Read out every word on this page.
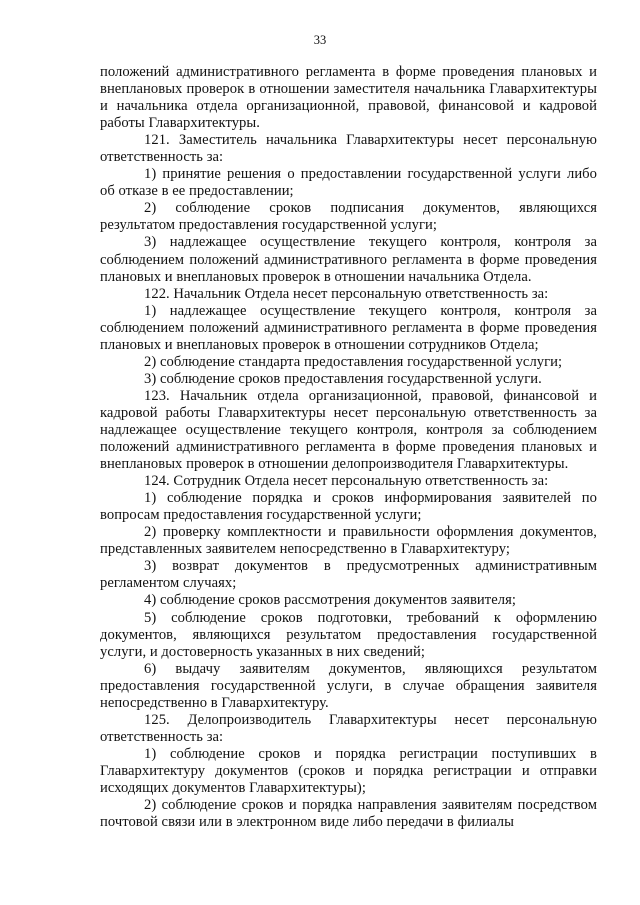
33

положений административного регламента в форме проведения плановых и внеплановых проверок в отношении заместителя начальника Главархитектуры и начальника отдела организационной, правовой, финансовой и кадровой работы Главархитектуры.

121. Заместитель начальника Главархитектуры несет персональную ответственность за:

1) принятие решения о предоставлении государственной услуги либо об отказе в ее предоставлении;

2) соблюдение сроков подписания документов, являющихся результатом предоставления государственной услуги;

3) надлежащее осуществление текущего контроля, контроля за соблюдением положений административного регламента в форме проведения плановых и внеплановых проверок в отношении начальника Отдела.

122. Начальник Отдела несет персональную ответственность за:

1) надлежащее осуществление текущего контроля, контроля за соблюдением положений административного регламента в форме проведения плановых и внеплановых проверок в отношении сотрудников Отдела;

2) соблюдение стандарта предоставления государственной услуги;

3) соблюдение сроков предоставления государственной услуги.

123. Начальник отдела организационной, правовой, финансовой и кадровой работы Главархитектуры несет персональную ответственность за надлежащее осуществление текущего контроля, контроля за соблюдением положений административного регламента в форме проведения плановых и внеплановых проверок в отношении делопроизводителя Главархитектуры.

124. Сотрудник Отдела несет персональную ответственность за:

1) соблюдение порядка и сроков информирования заявителей по вопросам предоставления государственной услуги;

2) проверку комплектности и правильности оформления документов, представленных заявителем непосредственно в Главархитектуру;

3) возврат документов в предусмотренных административным регламентом случаях;

4) соблюдение сроков рассмотрения документов заявителя;

5) соблюдение сроков подготовки, требований к оформлению документов, являющихся результатом предоставления государственной услуги, и достоверность указанных в них сведений;

6) выдачу заявителям документов, являющихся результатом предоставления государственной услуги, в случае обращения заявителя непосредственно в Главархитектуру.

125. Делопроизводитель Главархитектуры несет персональную ответственность за:

1) соблюдение сроков и порядка регистрации поступивших в Главархитектуру документов (сроков и порядка регистрации и отправки исходящих документов Главархитектуры);

2) соблюдение сроков и порядка направления заявителям посредством почтовой связи или в электронном виде либо передачи в филиалы
